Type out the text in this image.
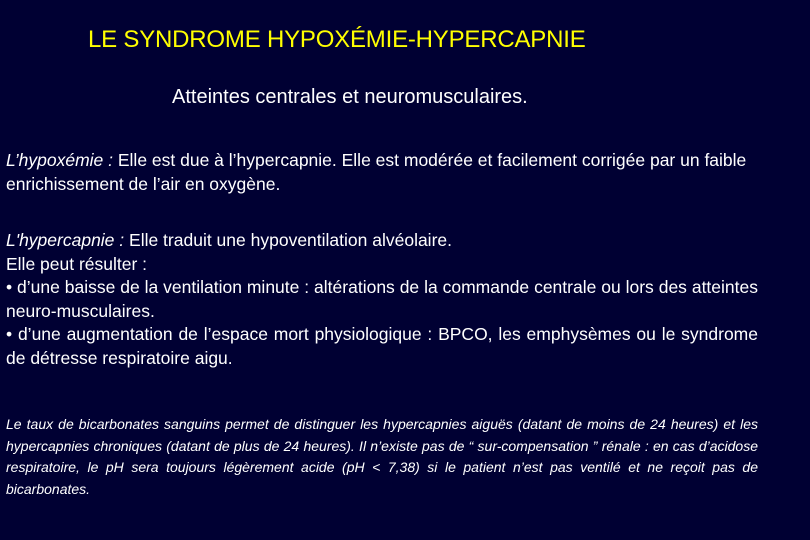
LE SYNDROME HYPOXÉMIE-HYPERCAPNIE
Atteintes centrales et neuromusculaires.

L’hypoxémie : Elle est due à l’hypercapnie. Elle est modérée et facilement corrigée par un faible enrichissement de l’air en oxygène.

L'hypercapnie : Elle traduit une hypoventilation alvéolaire.
Elle peut résulter :
• d’une baisse de la ventilation minute : altérations de la commande centrale ou lors des atteintes neuro-musculaires.
• d’une augmentation de l’espace mort physiologique : BPCO, les emphysèmes ou le syndrome de détresse respiratoire aigu.

Le taux de bicarbonates sanguins permet de distinguer les hypercapnies aiguës (datant de moins de 24 heures) et les hypercapnies chroniques (datant de plus de 24 heures). Il n’existe pas de “ sur-compensation ” rénale : en cas d’acidose respiratoire, le pH sera toujours légèrement acide (pH < 7,38) si le patient n’est pas ventilé et ne reçoit pas de bicarbonates.
